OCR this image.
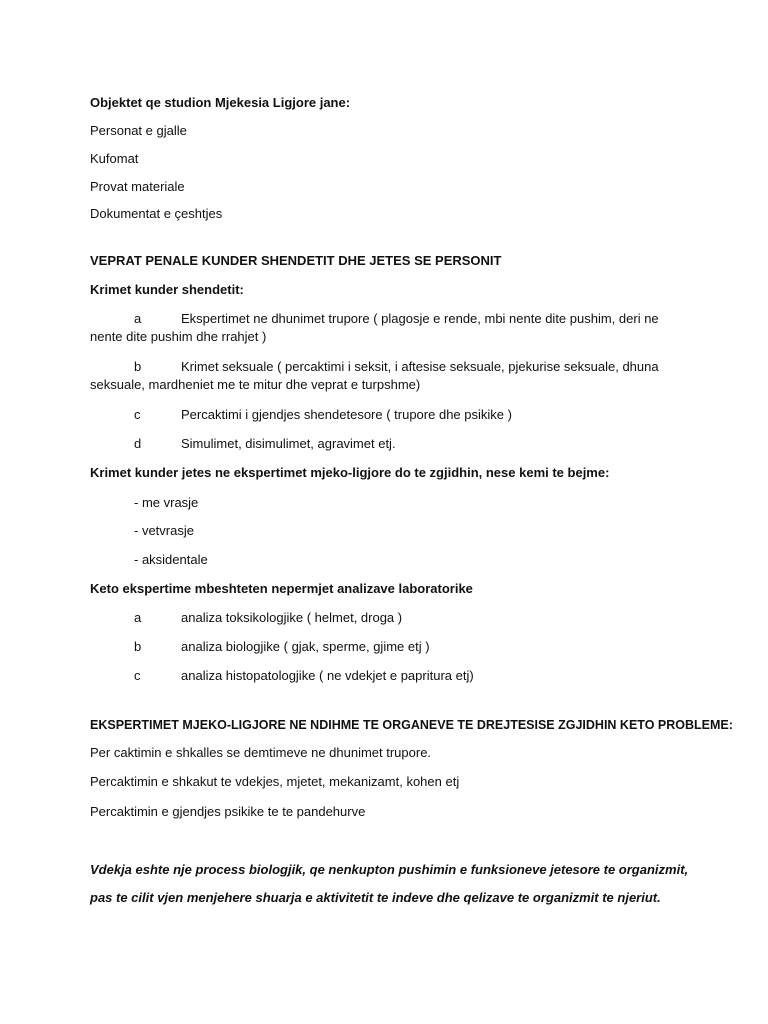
Objektet qe studion Mjekesia Ligjore jane:
Personat e gjalle
Kufomat
Provat materiale
Dokumentat e çeshtjes
VEPRAT PENALE KUNDER SHENDETIT DHE JETES SE PERSONIT
Krimet kunder shendetit:
a	Ekspertimet ne dhunimet trupore ( plagosje e rende, mbi nente dite pushim, deri ne
nente dite pushim dhe rrahjet )
b	Krimet seksuale ( percaktimi i seksit, i aftesise seksuale, pjekurise seksuale, dhuna
seksuale, mardheniet me te mitur dhe veprat e turpshme)
c	Percaktimi i gjendjes shendetesore ( trupore dhe psikike )
d	Simulimet, disimulimet, agravimet etj.
Krimet kunder jetes ne ekspertimet mjeko-ligjore do te zgjidhin, nese kemi te bejme:
- me vrasje
- vetvrasje
- aksidentale
Keto ekspertime mbeshteten nepermjet analizave laboratorike
a	analiza toksikologjike ( helmet, droga )
b	analiza biologjike ( gjak, sperme, gjime etj )
c	analiza histopatologjike ( ne vdekjet e papritura etj)
EKSPERTIMET MJEKO-LIGJORE NE NDIHME TE ORGANEVE TE DREJTESISE ZGJIDHIN KETO PROBLEME:
Per caktimin e shkalles se demtimeve ne dhunimet trupore.
Percaktimin e shkakut te vdekjes, mjetet, mekanizamt, kohen etj
Percaktimin e gjendjes psikike te te pandehurve
Vdekja eshte nje process biologjik, qe nenkupton pushimin e funksioneve jetesore te organizmit,
pas te cilit vjen menjehere shuarja e aktivitetit te indeve dhe qelizave te organizmit te njeriut.
